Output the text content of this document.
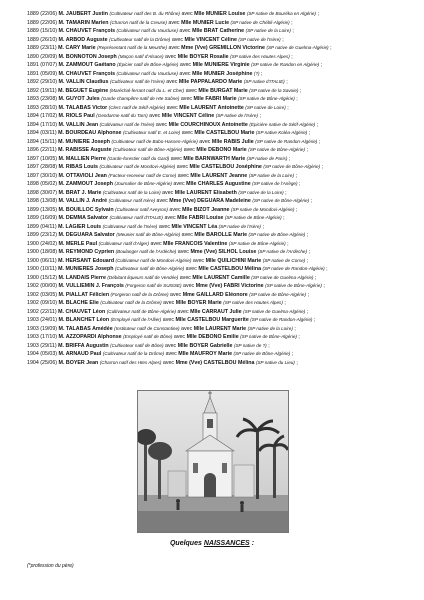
1889 (22/06) M. JAUBERT Justin (Cultivateur natif des B. du Rhône) avec Mlle MUNIER Louise (SP native de Bouréka en Algérie) ;
1889 (22/06) M. TAMARIN Marien (Charron natif de la Creuse) avec Mlle MUNIER Lucie (SP native de Chébli-Algérie) ;
1889 (15/10) M. CHAUVET François (Cultivateur natif du Vaucluse) avec Mlle BRAT Catherine (SP native de la Loire) ;
1889 (26/10) M. ARBOD Auguste (Cultivateur natif de la Drôme) avec Mlle VINCENT Céline (SP native de l'Isère) ;
1889 (23/11) M. CARY Marie (Représentant natif de la Meurthe) avec Mme (Vve) GREMILLON Victorine (SP native de Guelma-Algérie) ;
1890 (20/09) M. BONNOTON Joseph (Maçon natif d'Alsace) avec Mlle BOYER Rosalie (SP native des Hautes Alpes) ;
1891 (07/07) M. ZAMMOUT Gaétano (Épicier natif de Bône-Algérie) avec Mlle MUNIERE Virginie (SP native de Randon en Algérie) ;
1891 (05/09) M. CHAUVET François (Cultivateur natif du Vaucluse) avec Mlle MUNIER Joséphine (?) ;
1892 (29/10) M. VALLIN Claudius (Cultivateur natif de l'Isère) avec Mlle PAPPALARDO Marie (SP native d'ITALIE) ;
1892 (19/11) M. BEGUET Eugène (Maréchal-ferrant natif du L. et Cher) avec Mlle BURGAT Marie (SP native de la Savoie) ;
1893 (23/08) M. GUYOT Jules (Garde champêtre natif de Hte Saône) avec Mlle FABRI Marie (SP native de Bône-Algérie) ;
1893 (28/10) M. TALABAS Victor (Clerc natif de Sétif-Algérie) avec Mlle LAURENT Antoinette (SP native de Loire) ;
1894 (17/02) M. RIOLS Paul (Gendarme natif du Tarn) avec Mlle VINCENT Céline (SP native de l'Isère) ;
1894 (17/10) M. VALLIN Jean (Cultivateur natif de l'Isère) avec Mlle COURCHINOUX Antoinette (Épicière native de Sétif-Algérie) ;
1894 (03/11) M. BOURDEAU Alphonse (Cultivateur natif E. et Loire) avec Mlle CASTELBOU Marie (SP native Koléa-Algérie) ;
1894 (15/11) M. MUNIERE Joseph (Cultivateur natif de Babo-Hassen-Algérie) avec Mlle RABIS Julie (SP native de Randon-Algérie) ;
1896 (22/11) M. RABISSE Auguste (Cultivateur natif de Bône-Algérie) avec Mlle DEBONO Marie (SP native de Bône-Algérie) ;
1897 (10/05) M. MALLIEN Pierre (Garde-forestier natif du Gard) avec Mlle BARNWARTH Marie (SP native de Paris) ;
1897 (28/08) M. RIBAS Louis (Cultivateur natif de Mondovi-Algérie) avec Mlle CASTELBOU Joséphine (SP native de Bône-Algérie) ;
1897 (30/10) M. OTTAVIOLI Jean (Facteur-receveur natif de Corse) avec Mlle LAURENT Jeanne (SP native de la Loire) ;
1898 (05/02) M. ZAMMOUT Joseph (Journalier de Bône-Algérie) avec Mlle CHARLES Augustine (SP native de l'Ariège) ;
1898 (30/07) M. BRAT J. Marie (Cultivateur natif de la Loire) avec Mlle LAURENT Elisabeth (SP native de la Loire) ;
1898 (13/08) M. VALLIN J. André (Cultivateur natif Isère) avec Mme (Vve) DEGUARA Madeleine (SP native de Bône-Algérie) ;
1899 (13/05) M. BOUILLOC Sylvain (Cultivateur natif Aveyron) avec Mlle BIZOT Jeanne (SP native de Mondovi-Algérie) ;
1899 (16/09) M. DEMMA Salvator (Cultivateur natif d'ITALIE) avec Mlle FABRI Louise (SP native de Bône-Algérie) ;
1899 (04/11) M. LAGIER Louis (Cultivateur natif de l'Isère) avec Mlle VINCENT Léa (SP native de l'Isère) ;
1899 (23/12) M. DEGUARA Salvator (Meunier natif de Bône-Algérie) avec Mlle BAROLLE Marie (SP native de Bône-Algérie) ;
1900 (24/02) M. MERLE Paul (Cultivateur natif d'Alger) avec Mlle FRANCOIS Valentine (SP native de Bône-Algérie) ;
1900 (18/08) M. REYMOND Cyprien (Boulanger natif de l'Ardèche) avec Mme (Vve) SILHOL Louise (SP native de l'Ardèche) ;
1900 (06/11) M. HERSANT Edouard (Cultivateur natif de Mondovi-Algérie) avec Mlle QUILICHINI Marie (SP native de Corse) ;
1900 (10/11) M. MUNIERES Joseph (Cultivateur natif de Bône-Algérie) avec Mlle CASTELBOU Mélina (SP native de Randon-Algérie) ;
1900 (15/12) M. LANDAIS Pierre (Débitant liqueurs natif de Vendée) avec Mlle LAURENT Camille (SP native de Guelma-Algérie) ;
1902 (00/00) M. VULLIEMIN J. François (Forgeron natif de SUISSE) avec Mme (Vve) FABRI Victorine (SP native de Bône-Algérie) ;
1902 (03/05) M. PIALLAT Félicien (Forgeron natif de la Drôme) avec Mme GAILLARD Eléonore (SP native de Bône-Algérie) ;
1902 (09/10) M. BLACHE Elie (Cultivateur natif de la Drôme) avec Mlle BOYER Marie (SP native des Hautes Alpes) ;
1902 (22/11) M. CHAUVET Léon (Cultivateur natif de Bône-Algérie) avec Mlle CARRAUT Julie (SP native de Guelma-Algérie) ;
1903 (24/01) M. BLANCHET Léon (Employé natif de l'Allier) avec Mlle CASTELBOU Marguerite (SP native de Randon-Algérie) ;
1903 (19/09) M. TALABAS Amédée (Instituteur natif de Constantine) avec Mlle LAURENT Marie (SP native de la Loire) ;
1903 (17/10) M. AZZOPARDI Alphonse (Employé natif de Bône) avec Mlle DEBONO Emilie (SP native de Bône-Algérie) ;
1903 (29/11) M. BRIFFA Augustin (Cultivateur natif de Bône) avec Mlle BOYER Gabrielle (SP native de ?) ;
1904 (05/03) M. ARNAUD Paul (Cultivateur natif de la Drôme) avec Mlle MAUFROY Marie (SP native de Bône-Algérie) ;
1904 (25/06) M. BOYER Jean (Charron natif des Htes Alpes) avec Mme (Vve) CASTELBOU Mélina (SP native du Lieu) ;
Quelques NAISSANCES :
(*profession du père)
